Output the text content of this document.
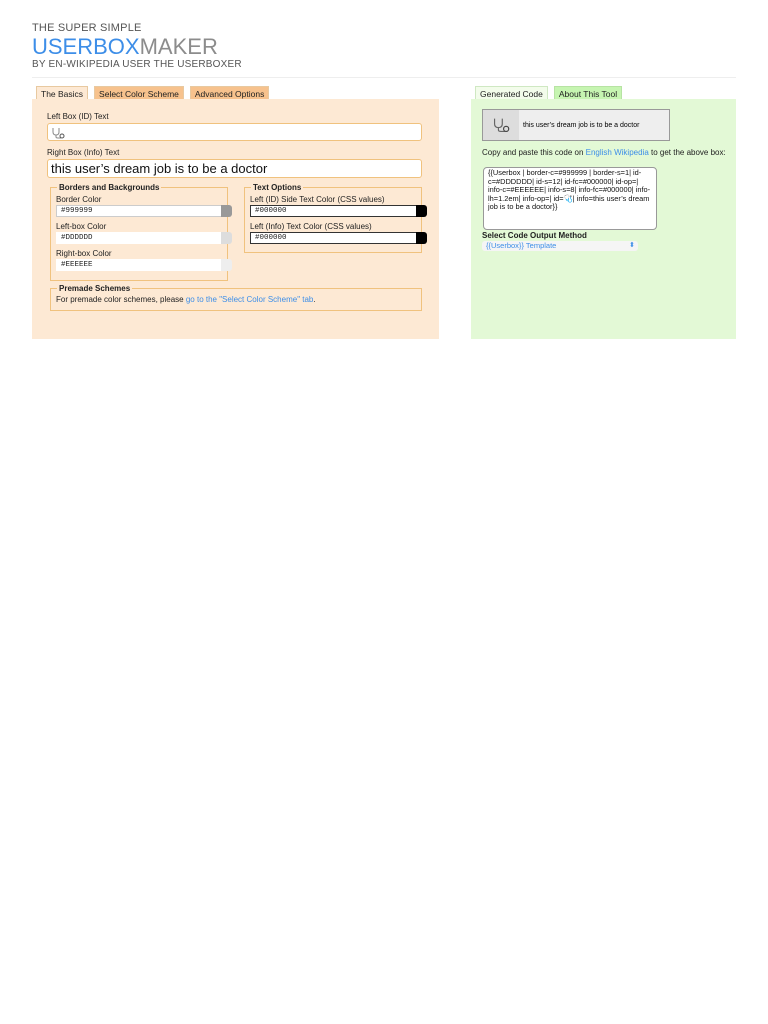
THE SUPER SIMPLE
USERBOXMAKER
BY EN-WIKIPEDIA USER THE USERBOXER
The Basics	Select Color Scheme	Advanced Options	Generated Code	About This Tool
Left Box (ID) Text
Right Box (Info) Text
this user’s dream job is to be a doctor
Borders and Backgrounds
Border Color
#999999
Left-box Color
#DDDDDD
Right-box Color
#EEEEEE
Text Options
Left (ID) Side Text Color (CSS values)
#000000
Left (Info) Text Color (CSS values)
#000000
Premade Schemes
For premade color schemes, please go to the "Select Color Scheme" tab.
this user’s dream job is to be a doctor
Copy and paste this code on English Wikipedia to get the above box:
{{Userbox | border-c=#999999 | border-s=1| id-c=#DDDDDD| id-s=12| id-fc=#000000| id-op=| info-c=#EEEEEE| info-s=8| info-fc=#000000| info-lh=1.2em| info-op=| id=🩺| info=this user’s dream job is to be a doctor}}
Select Code Output Method
{{Userbox}} Template	⬍
